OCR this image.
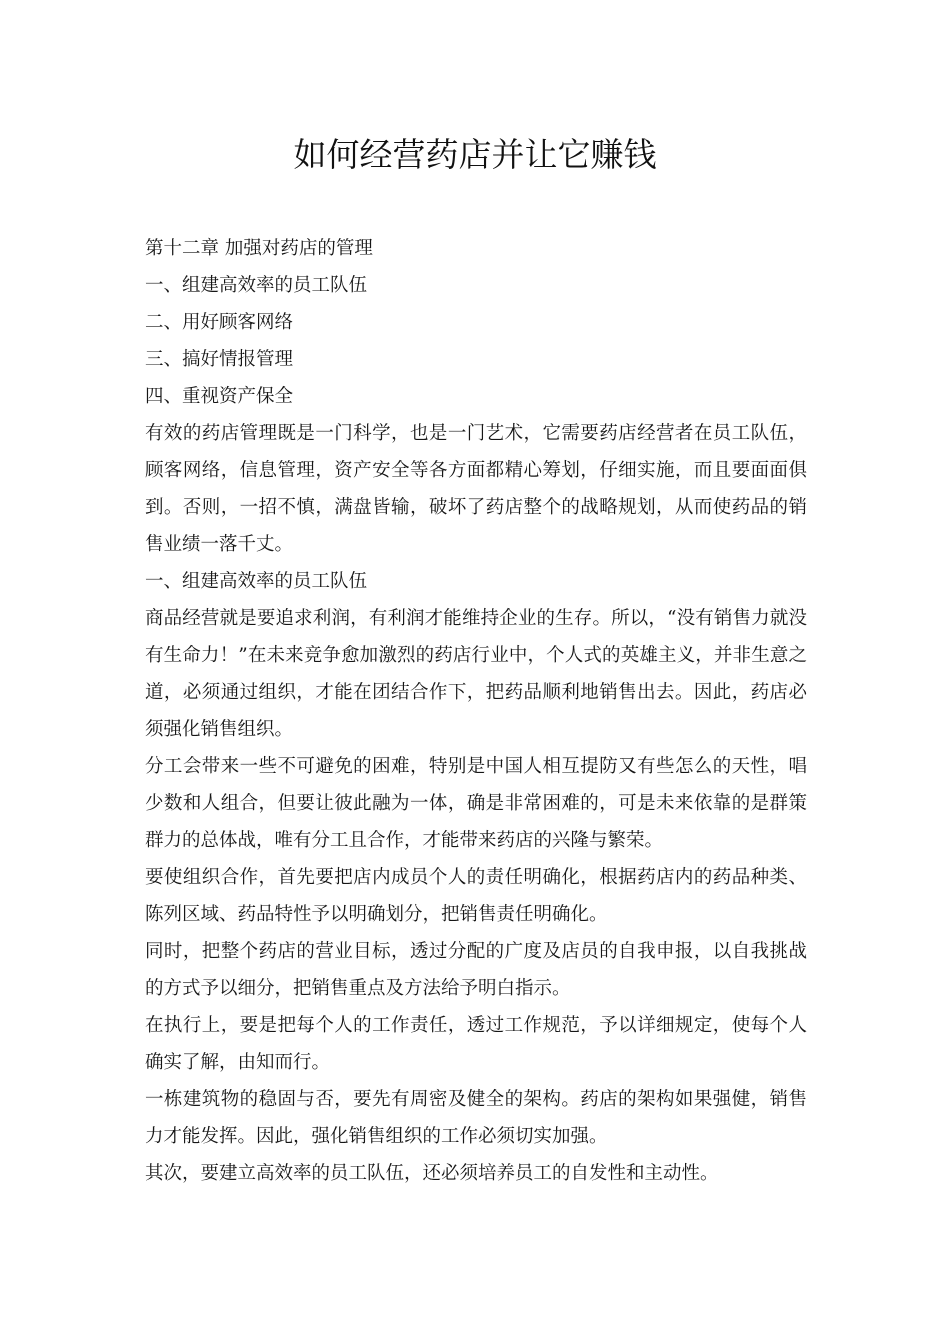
如何经营药店并让它赚钱

第十二章 加强对药店的管理

一、组建高效率的员工队伍

二、用好顾客网络

三、搞好情报管理

四、重视资产保全

有效的药店管理既是一门科学，也是一门艺术，它需要药店经营者在员工队伍，顾客网络，信息管理，资产安全等各方面都精心筹划，仔细实施，而且要面面俱到。否则，一招不慎，满盘皆输，破坏了药店整个的战略规划，从而使药品的销售业绩一落千丈。

一、组建高效率的员工队伍

商品经营就是要追求利润，有利润才能维持企业的生存。所以，“没有销售力就没有生命力！”在未来竞争愈加激烈的药店行业中，个人式的英雄主义，并非生意之道，必须通过组织，才能在团结合作下，把药品顺利地销售出去。因此，药店必须强化销售组织。

分工会带来一些不可避免的困难，特别是中国人相互提防又有些怎么的天性，唱少数和人组合，但要让彼此融为一体，确是非常困难的，可是未来依靠的是群策群力的总体战，唯有分工且合作，才能带来药店的兴隆与繁荣。

要使组织合作，首先要把店内成员个人的责任明确化，根据药店内的药品种类、陈列区域、药品特性予以明确划分，把销售责任明确化。

同时，把整个药店的营业目标，透过分配的广度及店员的自我申报，以自我挑战的方式予以细分，把销售重点及方法给予明白指示。

在执行上，要是把每个人的工作责任，透过工作规范，予以详细规定，使每个人确实了解，由知而行。

一栋建筑物的稳固与否，要先有周密及健全的架构。药店的架构如果强健，销售力才能发挥。因此，强化销售组织的工作必须切实加强。

其次，要建立高效率的员工队伍，还必须培养员工的自发性和主动性。
